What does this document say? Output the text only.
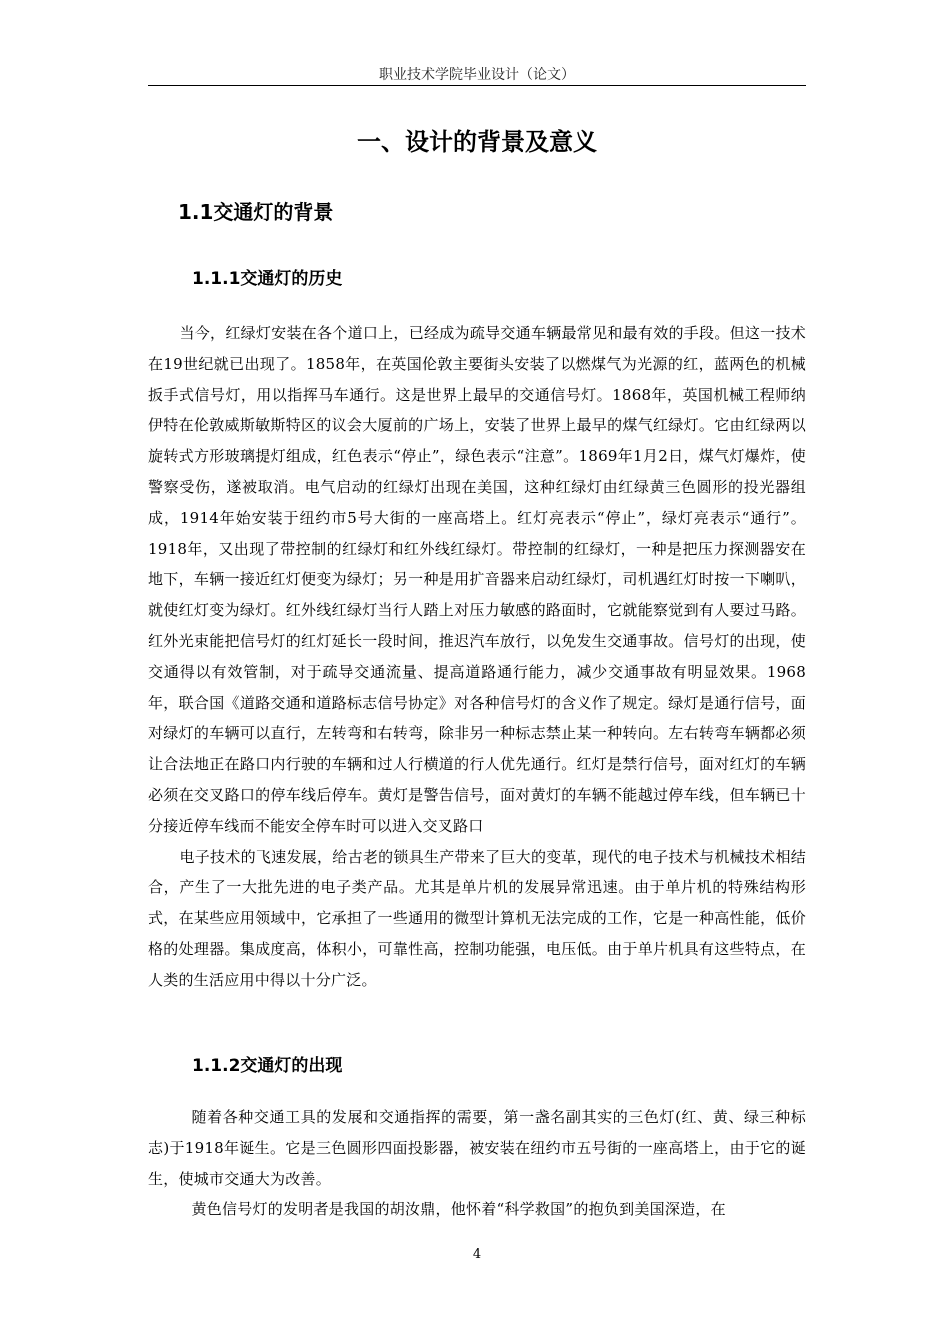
职业技术学院毕业设计（论文）
一、设计的背景及意义
1.1交通灯的背景
1.1.1交通灯的历史

当今，红绿灯安装在各个道口上，已经成为疏导交通车辆最常见和最有效的手段。但这一技术在19世纪就已出现了。1858年，在英国伦敦主要街头安装了以燃煤气为光源的红，蓝两色的机械扳手式信号灯，用以指挥马车通行。这是世界上最早的交通信号灯。1868年，英国机械工程师纳伊特在伦敦威斯敏斯特区的议会大厦前的广场上，安装了世界上最早的煤气红绿灯。它由红绿两以旋转式方形玻璃提灯组成，红色表示“停止”，绿色表示“注意”。1869年1月2日，煤气灯爆炸，使警察受伤，遂被取消。电气启动的红绿灯出现在美国，这种红绿灯由红绿黄三色圆形的投光器组成，1914年始安装于纽约市5号大街的一座高塔上。红灯亮表示“停止”，绿灯亮表示“通行”。1918年，又出现了带控制的红绿灯和红外线红绿灯。带控制的红绿灯，一种是把压力探测器安在地下，车辆一接近红灯便变为绿灯；另一种是用扩音器来启动红绿灯，司机遇红灯时按一下喇叭，就使红灯变为绿灯。红外线红绿灯当行人踏上对压力敏感的路面时，它就能察觉到有人要过马路。红外光束能把信号灯的红灯延长一段时间，推迟汽车放行，以免发生交通事故。信号灯的出现，使交通得以有效管制，对于疏导交通流量、提高道路通行能力，减少交通事故有明显效果。1968年，联合国《道路交通和道路标志信号协定》对各种信号灯的含义作了规定。绿灯是通行信号，面对绿灯的车辆可以直行，左转弯和右转弯，除非另一种标志禁止某一种转向。左右转弯车辆都必须让合法地正在路口内行驶的车辆和过人行横道的行人优先通行。红灯是禁行信号，面对红灯的车辆必须在交叉路口的停车线后停车。黄灯是警告信号，面对黄灯的车辆不能越过停车线，但车辆已十分接近停车线而不能安全停车时可以进入交叉路口

电子技术的飞速发展，给古老的锁具生产带来了巨大的变革，现代的电子技术与机械技术相结合，产生了一大批先进的电子类产品。尤其是单片机的发展异常迅速。由于单片机的特殊结构形式，在某些应用领域中，它承担了一些通用的微型计算机无法完成的工作，它是一种高性能，低价格的处理器。集成度高，体积小，可靠性高，控制功能强，电压低。由于单片机具有这些特点，在人类的生活应用中得以十分广泛。

1.1.2交通灯的出现

随着各种交通工具的发展和交通指挥的需要，第一盏名副其实的三色灯(红、黄、绿三种标志)于1918年诞生。它是三色圆形四面投影器，被安装在纽约市五号街的一座高塔上，由于它的诞生，使城市交通大为改善。

黄色信号灯的发明者是我国的胡汝鼎，他怀着“科学救国”的抱负到美国深造，在

4
